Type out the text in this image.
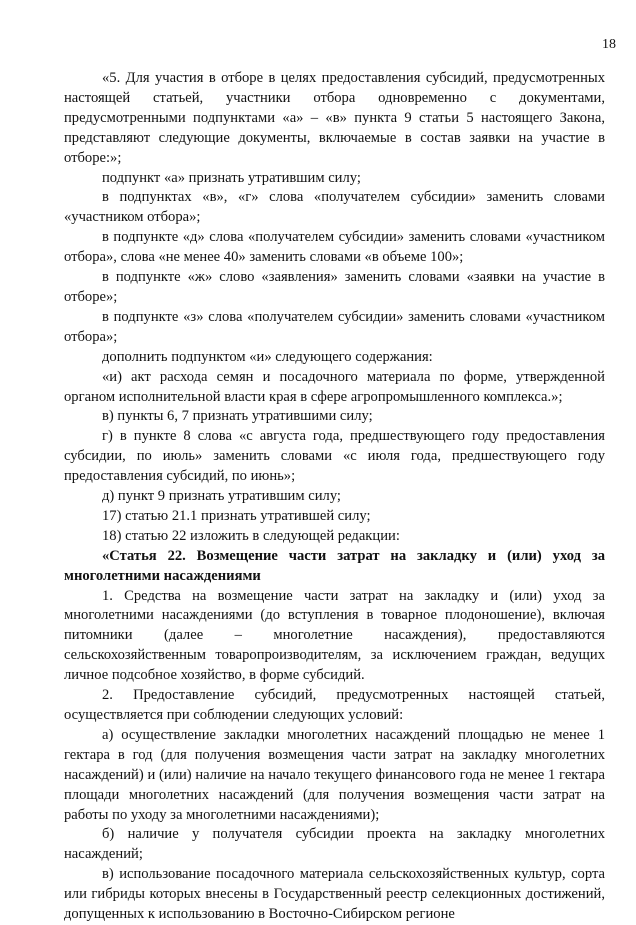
18

«5. Для участия в отборе в целях предоставления субсидий, предусмотренных настоящей статьей, участники отбора одновременно с документами, предусмотренными подпунктами «а» – «в» пункта 9 статьи 5 настоящего Закона, представляют следующие документы, включаемые в состав заявки на участие в отборе:»;

подпункт «а» признать утратившим силу;

в подпунктах «в», «г» слова «получателем субсидии» заменить словами «участником отбора»;

в подпункте «д» слова «получателем субсидии» заменить словами «участником отбора», слова «не менее 40» заменить словами «в объеме 100»;

в подпункте «ж» слово «заявления» заменить словами «заявки на участие в отборе»;

в подпункте «з» слова «получателем субсидии» заменить словами «участником отбора»;

дополнить подпунктом «и» следующего содержания:

«и) акт расхода семян и посадочного материала по форме, утвержденной органом исполнительной власти края в сфере агропромышленного комплекса.»;

в) пункты 6, 7 признать утратившими силу;

г) в пункте 8 слова «с августа года, предшествующего году предоставления субсидии, по июль» заменить словами «с июля года, предшествующего году предоставления субсидий, по июнь»;

д) пункт 9 признать утратившим силу;

17) статью 21.1 признать утратившей силу;

18) статью 22 изложить в следующей редакции:

«Статья 22. Возмещение части затрат на закладку и (или) уход за многолетними насаждениями

1. Средства на возмещение части затрат на закладку и (или) уход за многолетними насаждениями (до вступления в товарное плодоношение), включая питомники (далее – многолетние насаждения), предоставляются сельскохозяйственным товаропроизводителям, за исключением граждан, ведущих личное подсобное хозяйство, в форме субсидий.

2. Предоставление субсидий, предусмотренных настоящей статьей, осуществляется при соблюдении следующих условий:

а) осуществление закладки многолетних насаждений площадью не менее 1 гектара в год (для получения возмещения части затрат на закладку многолетних насаждений) и (или) наличие на начало текущего финансового года не менее 1 гектара площади многолетних насаждений (для получения возмещения части затрат на работы по уходу за многолетними насаждениями);

б) наличие у получателя субсидии проекта на закладку многолетних насаждений;

в) использование посадочного материала сельскохозяйственных культур, сорта или гибриды которых внесены в Государственный реестр селекционных достижений, допущенных к использованию в Восточно-Сибирском регионе
